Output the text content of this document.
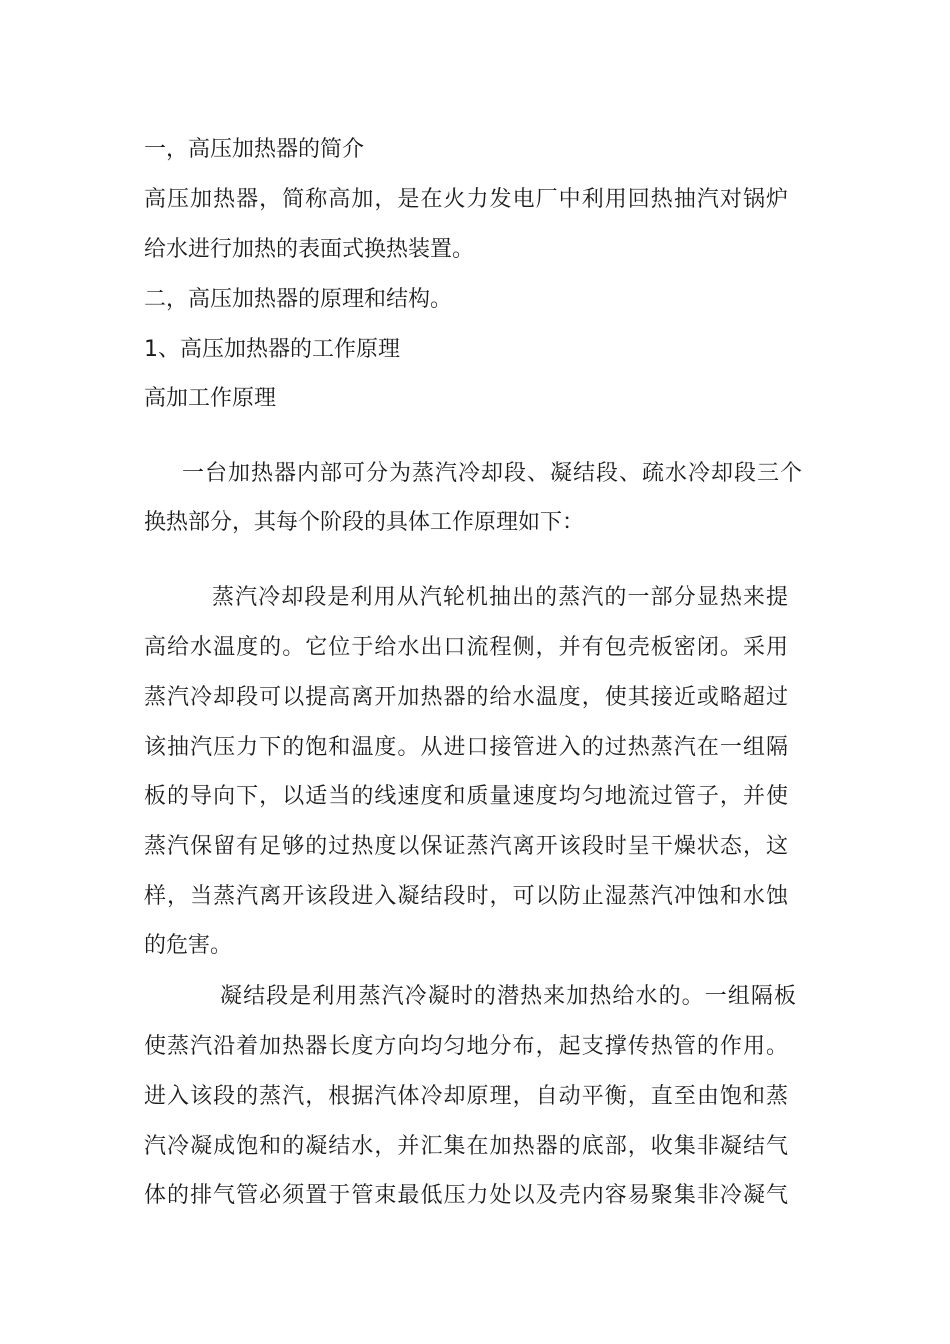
一，高压加热器的简介
高压加热器，简称高加，是在火力发电厂中利用回热抽汽对锅炉
给水进行加热的表面式换热装置。
二，高压加热器的原理和结构。
1、高压加热器的工作原理
高加工作原理
一台加热器内部可分为蒸汽冷却段、凝结段、疏水冷却段三个
换热部分，其每个阶段的具体工作原理如下：
蒸汽冷却段是利用从汽轮机抽出的蒸汽的一部分显热来提
高给水温度的。它位于给水出口流程侧，并有包壳板密闭。采用
蒸汽冷却段可以提高离开加热器的给水温度，使其接近或略超过
该抽汽压力下的饱和温度。从进口接管进入的过热蒸汽在一组隔
板的导向下，以适当的线速度和质量速度均匀地流过管子，并使
蒸汽保留有足够的过热度以保证蒸汽离开该段时呈干燥状态，这
样，当蒸汽离开该段进入凝结段时，可以防止湿蒸汽冲蚀和水蚀
的危害。
凝结段是利用蒸汽冷凝时的潜热来加热给水的。一组隔板
使蒸汽沿着加热器长度方向均匀地分布，起支撑传热管的作用。
进入该段的蒸汽，根据汽体冷却原理，自动平衡，直至由饱和蒸
汽冷凝成饱和的凝结水，并汇集在加热器的底部，收集非凝结气
体的排气管必须置于管束最低压力处以及壳内容易聚集非冷凝气
